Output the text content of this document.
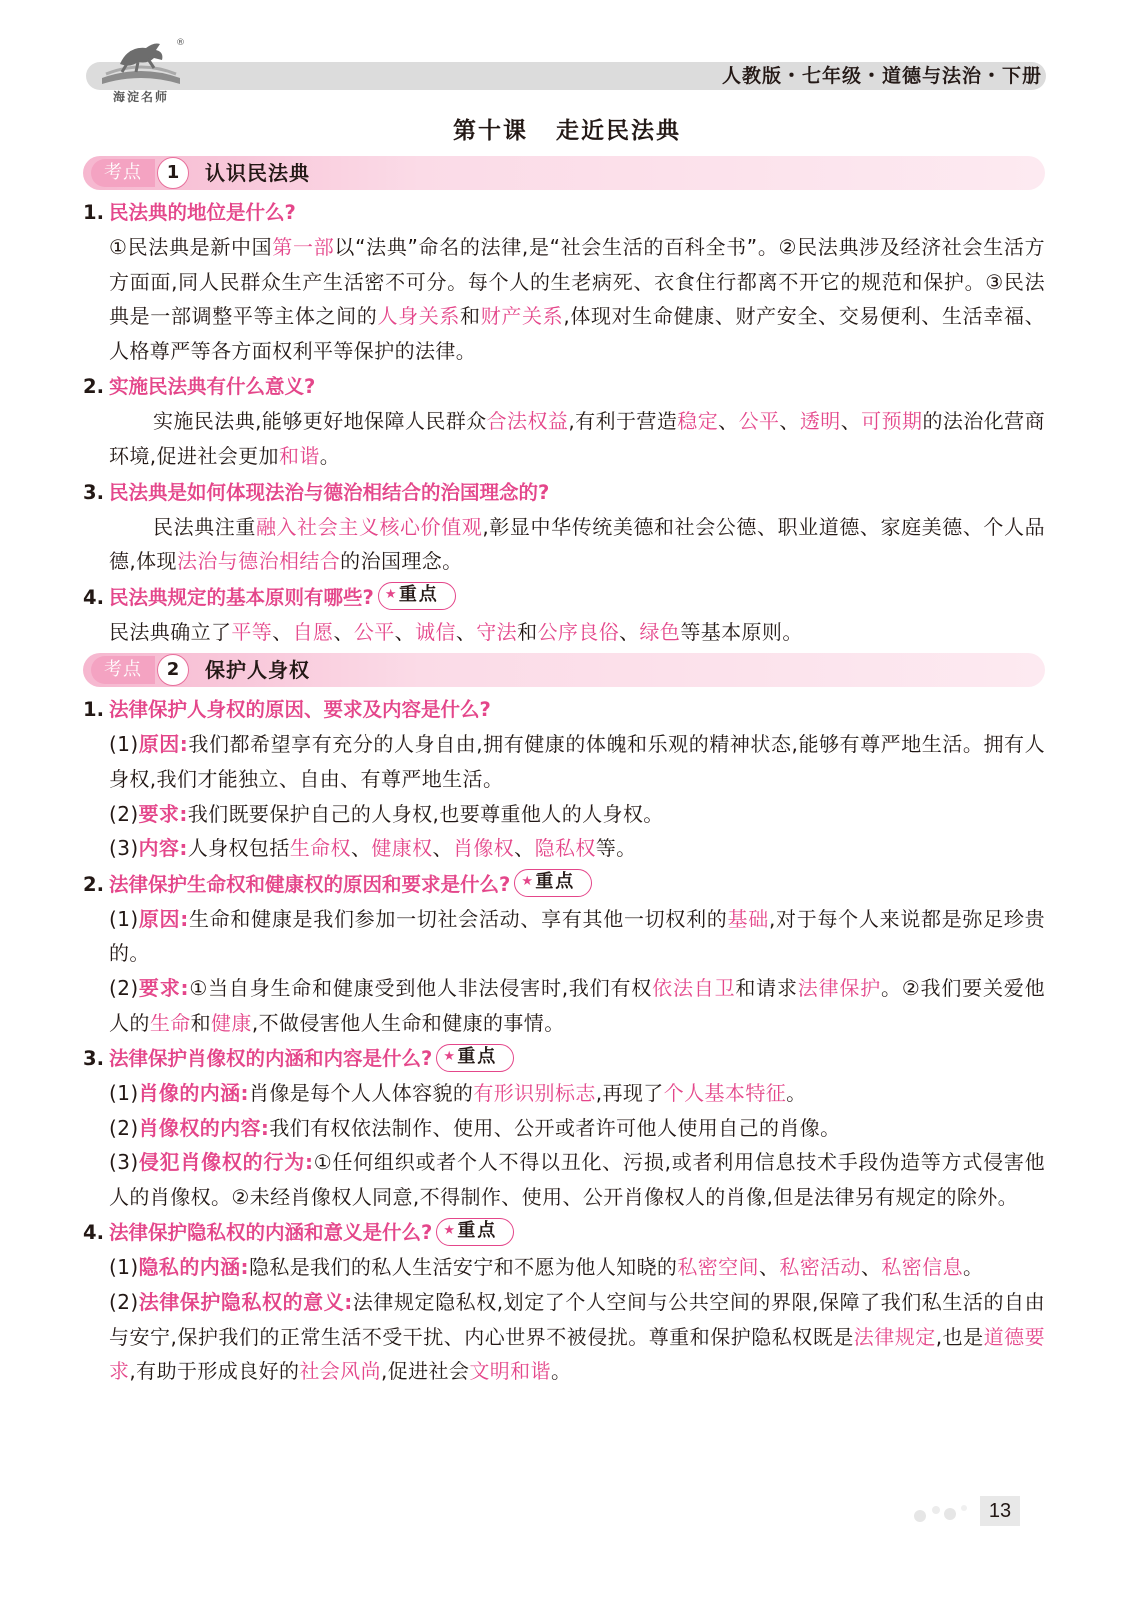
®
海淀名师
人教版・七年级・道德与法治・下册
第十课 走近民法典
考点	1	认识民法典
1. 民法典的地位是什么?

①民法典是新中国第一部以“法典”命名的法律,是“社会生活的百科全书”。②民法典涉及经济社会生活方方面面,同人民群众生产生活密不可分。每个人的生老病死、衣食住行都离不开它的规范和保护。③民法典是一部调整平等主体之间的人身关系和财产关系,体现对生命健康、财产安全、交易便利、生活幸福、人格尊严等各方面权利平等保护的法律。

2. 实施民法典有什么意义?

实施民法典,能够更好地保障人民群众合法权益,有利于营造稳定、公平、透明、可预期的法治化营商环境,促进社会更加和谐。

3. 民法典是如何体现法治与德治相结合的治国理念的?

民法典注重融入社会主义核心价值观,彰显中华传统美德和社会公德、职业道德、家庭美德、个人品德,体现法治与德治相结合的治国理念。

4. 民法典规定的基本原则有哪些? ★ 重点

民法典确立了平等、自愿、公平、诚信、守法和公序良俗、绿色等基本原则。

考点	2	保护人身权
1. 法律保护人身权的原因、要求及内容是什么?

(1)原因:我们都希望享有充分的人身自由,拥有健康的体魄和乐观的精神状态,能够有尊严地生活。拥有人身权,我们才能独立、自由、有尊严地生活。

(2)要求:我们既要保护自己的人身权,也要尊重他人的人身权。

(3)内容:人身权包括生命权、健康权、肖像权、隐私权等。

2. 法律保护生命权和健康权的原因和要求是什么? ★ 重点

(1)原因:生命和健康是我们参加一切社会活动、享有其他一切权利的基础,对于每个人来说都是弥足珍贵的。

(2)要求:①当自身生命和健康受到他人非法侵害时,我们有权依法自卫和请求法律保护。②我们要关爱他人的生命和健康,不做侵害他人生命和健康的事情。

3. 法律保护肖像权的内涵和内容是什么? ★ 重点

(1)肖像的内涵:肖像是每个人人体容貌的有形识别标志,再现了个人基本特征。

(2)肖像权的内容:我们有权依法制作、使用、公开或者许可他人使用自己的肖像。

(3)侵犯肖像权的行为:①任何组织或者个人不得以丑化、污损,或者利用信息技术手段伪造等方式侵害他人的肖像权。②未经肖像权人同意,不得制作、使用、公开肖像权人的肖像,但是法律另有规定的除外。

4. 法律保护隐私权的内涵和意义是什么? ★ 重点

(1)隐私的内涵:隐私是我们的私人生活安宁和不愿为他人知晓的私密空间、私密活动、私密信息。

(2)法律保护隐私权的意义:法律规定隐私权,划定了个人空间与公共空间的界限,保障了我们私生活的自由与安宁,保护我们的正常生活不受干扰、内心世界不被侵扰。尊重和保护隐私权既是法律规定,也是道德要求,有助于形成良好的社会风尚,促进社会文明和谐。

13
